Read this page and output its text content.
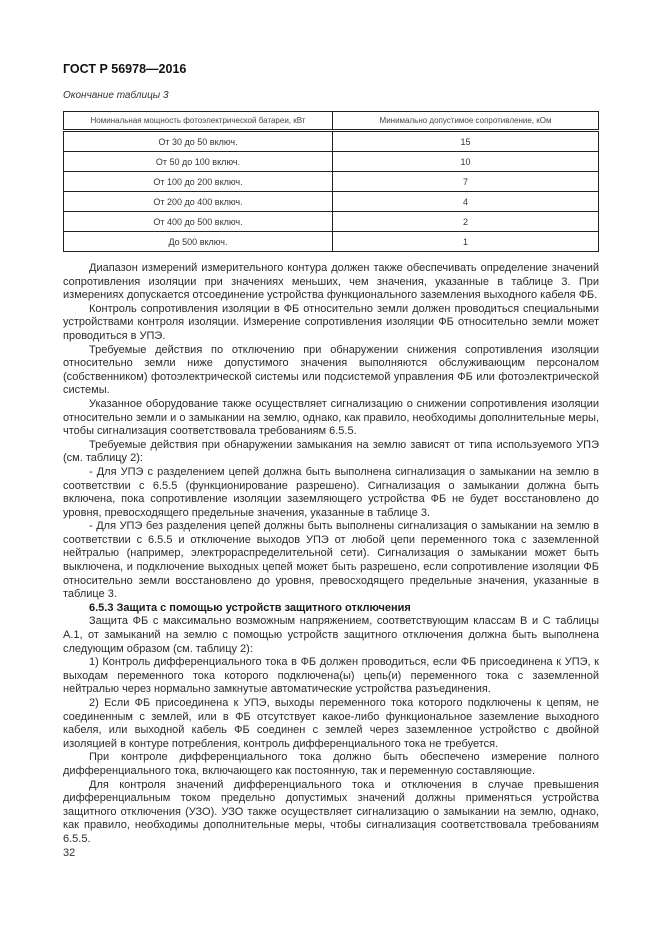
ГОСТ Р 56978—2016
Окончание таблицы 3
Номинальная мощность фотоэлектрической батареи, кВт	Минимально допустимое сопротивление, кОм
От 30 до 50 включ.	15
От 50 до 100 включ.	10
От 100 до 200 включ.	7
От 200 до 400 включ.	4
От 400 до 500 включ.	2
До 500 включ.	1

Диапазон измерений измерительного контура должен также обеспечивать определение значений сопротивления изоляции при значениях меньших, чем значения, указанные в таблице 3. При измерениях допускается отсоединение устройства функционального заземления выходного кабеля ФБ.

Контроль сопротивления изоляции в ФБ относительно земли должен проводиться специальными устройствами контроля изоляции. Измерение сопротивления изоляции ФБ относительно земли может проводиться в УПЭ.

Требуемые действия по отключению при обнаружении снижения сопротивления изоляции относительно земли ниже допустимого значения выполняются обслуживающим персоналом (собственником) фотоэлектрической системы или подсистемой управления ФБ или фотоэлектрической системы.

Указанное оборудование также осуществляет сигнализацию о снижении сопротивления изоляции относительно земли и о замыкании на землю, однако, как правило, необходимы дополнительные меры, чтобы сигнализация соответствовала требованиям 6.5.5.

Требуемые действия при обнаружении замыкания на землю зависят от типа используемого УПЭ (см. таблицу 2):

- Для УПЭ с разделением цепей должна быть выполнена сигнализация о замыкании на землю в соответствии с 6.5.5 (функционирование разрешено). Сигнализация о замыкании должна быть включена, пока сопротивление изоляции заземляющего устройства ФБ не будет восстановлено до уровня, превосходящего предельные значения, указанные в таблице 3.

- Для УПЭ без разделения цепей должны быть выполнены сигнализация о замыкании на землю в соответствии с 6.5.5 и отключение выходов УПЭ от любой цепи переменного тока с заземленной нейтралью (например, электрораспределительной сети). Сигнализация о замыкании может быть выключена, и подключение выходных цепей может быть разрешено, если сопротивление изоляции ФБ относительно земли восстановлено до уровня, превосходящего предельные значения, указанные в таблице 3.

6.5.3 Защита с помощью устройств защитного отключения

Защита ФБ с максимально возможным напряжением, соответствующим классам В и С таблицы А.1, от замыканий на землю с помощью устройств защитного отключения должна быть выполнена следующим образом (см. таблицу 2):

1) Контроль дифференциального тока в ФБ должен проводиться, если ФБ присоединена к УПЭ, к выходам переменного тока которого подключена(ы) цепь(и) переменного тока с заземленной нейтралью через нормально замкнутые автоматические устройства разъединения.

2) Если ФБ присоединена к УПЭ, выходы переменного тока которого подключены к цепям, не соединенным с землей, или в ФБ отсутствует какое-либо функциональное заземление выходного кабеля, или выходной кабель ФБ соединен с землей через заземленное устройство с двойной изоляцией в контуре потребления, контроль дифференциального тока не требуется.

При контроле дифференциального тока должно быть обеспечено измерение полного дифференциального тока, включающего как постоянную, так и переменную составляющие.

Для контроля значений дифференциального тока и отключения в случае превышения дифференциальным током предельно допустимых значений должны применяться устройства защитного отключения (УЗО). УЗО также осуществляет сигнализацию о замыкании на землю, однако, как правило, необходимы дополнительные меры, чтобы сигнализация соответствовала требованиям 6.5.5.

32
